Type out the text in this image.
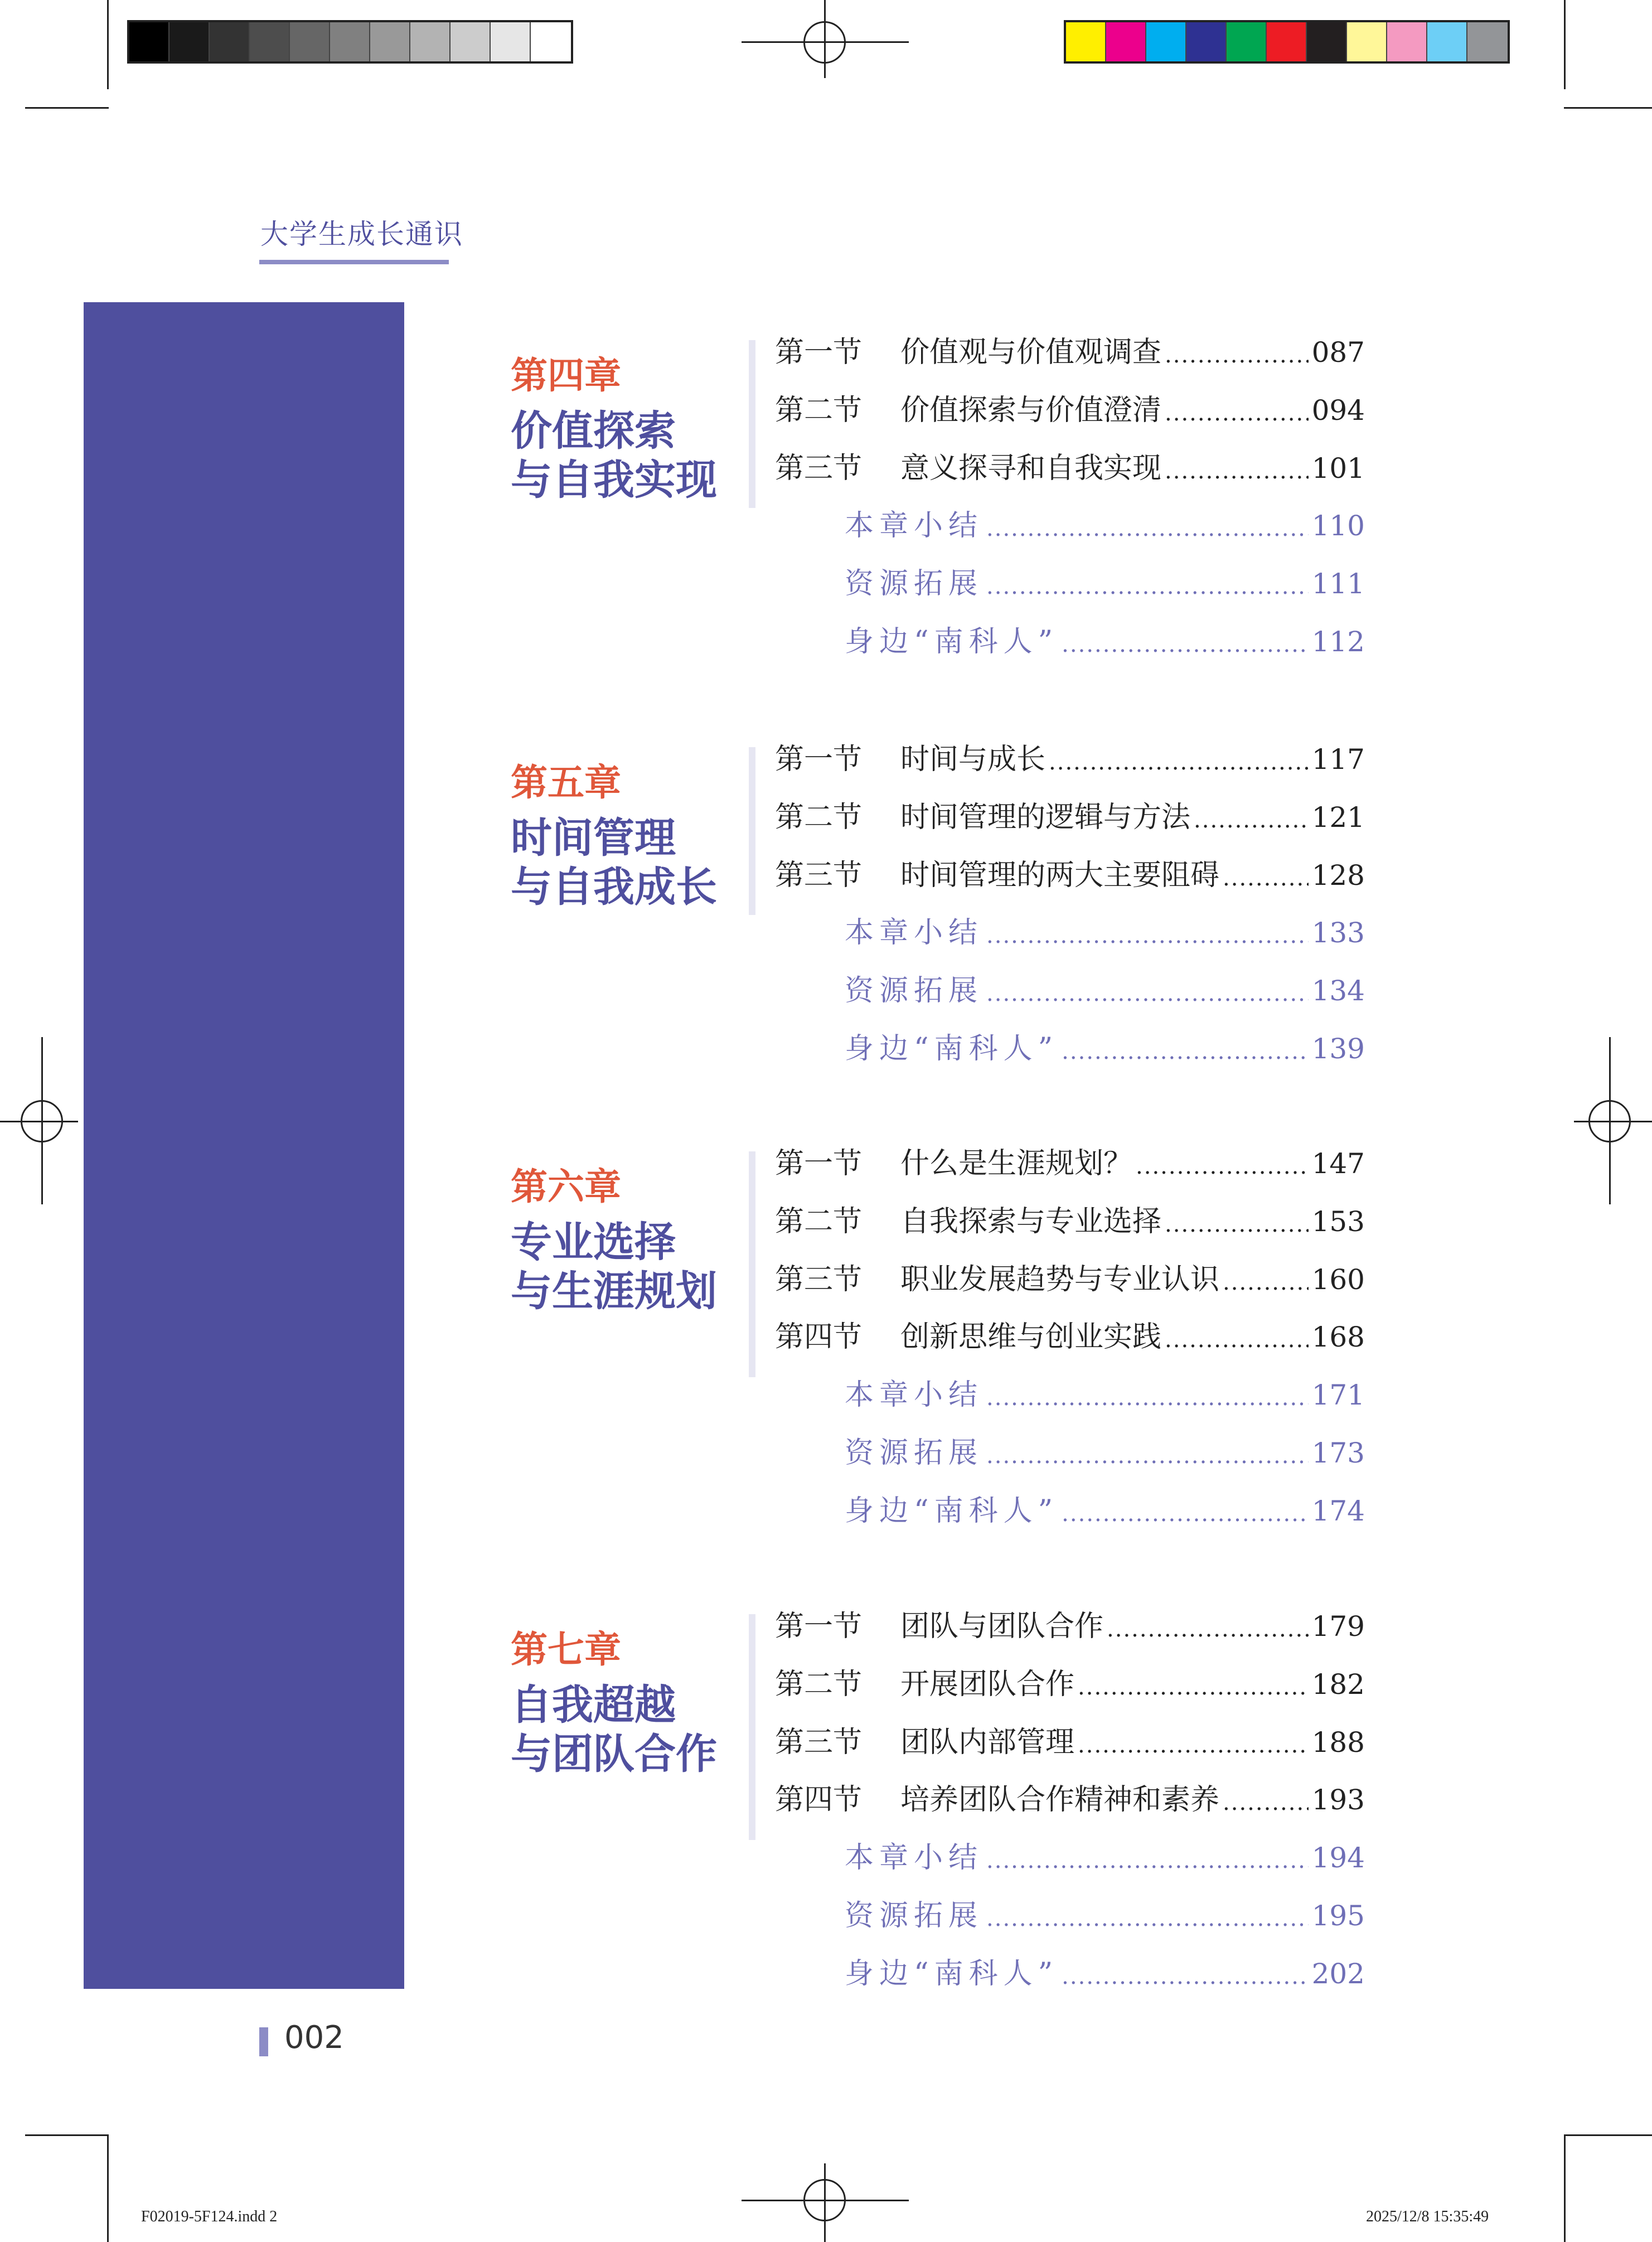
大学生成长通识
第四章
价值探索
与自我实现
第一节	价值观与价值观调查 .....	087
第二节	价值探索与价值澄清 .....	094
第三节	意义探寻和自我实现 .....	101
本章小结 .....	110
资源拓展 .....	111
身边“南科人” .....	112
第五章
时间管理
与自我成长
第一节	时间与成长 .....	117
第二节	时间管理的逻辑与方法 .....	121
第三节	时间管理的两大主要阻碍 .....	128
本章小结 .....	133
资源拓展 .....	134
身边“南科人” .....	139
第六章
专业选择
与生涯规划
第一节	什么是生涯规划？ .....	147
第二节	自我探索与专业选择 .....	153
第三节	职业发展趋势与专业认识 .....	160
第四节	创新思维与创业实践 .....	168
本章小结 .....	171
资源拓展 .....	173
身边“南科人” .....	174
第七章
自我超越
与团队合作
第一节	团队与团队合作 .....	179
第二节	开展团队合作 .....	182
第三节	团队内部管理 .....	188
第四节	培养团队合作精神和素养 .....	193
本章小结 .....	194
资源拓展 .....	195
身边“南科人” .....	202
002
F02019-5F124.indd 2	2025/12/8 15:35:49
